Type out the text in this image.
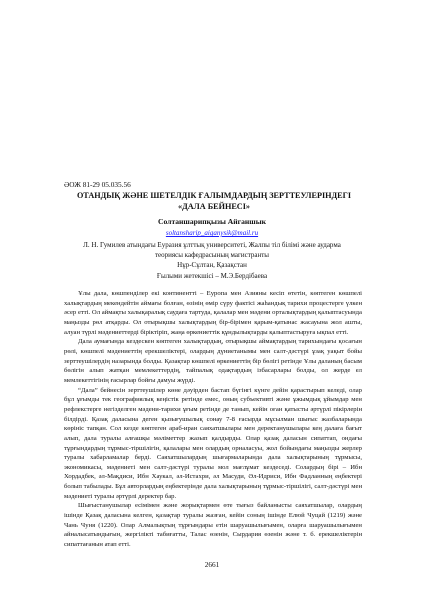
ӘОЖ 81-29 05.035.56
ОТАНДЫҚ ЖӘНЕ ШЕТЕЛДІК ҒАЛЫМДАРДЫҢ ЗЕРТТЕУЛЕРІНДЕГІ «ДАЛА БЕЙНЕСІ»
Солтаншарипқызы Айганшык
soltansharip_aiganysik@mail.ru
Л. Н. Гумилев атындағы Еуразия ұлттық университеті, Жалпы тіл білімі және аударма теориясы кафедрасының магистранты
Нұр-Сұлтан, Қазақстан
Ғылыми жетекшісі – М.Э.Бердібаева

Ұлы дала, көшпенділер екі континентті – Еуропа мен Азияны кесіп өтетін, көптеген көшпелі халықтардың мекендейтін аймағы болған, өзінің өмір сүру фактісі жаһандық тарихи процестерге үлкен әсер етті. Ол аймақты халықаралық саудаға тартуда, қалалар мен мәдени орталықтардың қалыптасуында маңызды рөл атқарды. Ол отырықшы халықтардың бір-бірімен қарым-қатынас жасауына жол ашты, алуан түрлі мәдениеттерді біріктіріп, жаңа өркениеттік құндылықтарды қалыптастыруға ықпал етті.

Дала аумағында кездескен көптеген халықтардың, отырықшы аймақтардың тарихындағы қосағын рөлі, көшпелі мәдениеттің ерекшеліктері, олардың дүниетанымы мен салт-дәстүрі ұзақ уақыт бойы зерттеушілердің назарында болды. Қазақтар көшпелі өркениеттің бір бөлігі ретінде Ұлы даланың басым бөлігін алып жатқан мемлекеттердің, тайпалық одақтардың ізбасарлары болды, ол жерде ел мемлекеттігінің ғасырлар бойғы дамуы жүрді.

“Дала” бейнесін зерттеушілер көне дәуірден бастап бүгінгі күнге дейін қарастырып келеді, олар бұл ұғымды тек географиялық кеңістік ретінде емес, оның субъективті және ұжымдық ұйымдар мен рефлекстерге негізделген мәдени-тарихи ұғым ретінде де танып, кейін оған қатысты әртүрлі пікірлерін білдірді. Қазақ даласына деген қызығушылық сонау 7-8 ғасырда мұсылман шығыс жазбаларында көрініс тапқан. Сол кезде көптеген араб-иран саяхатшылары мен деректанушылары кең далаға бағыт алып, дала туралы алғашқы мәліметтер жазып қалдырды. Олар қазақ даласын сипаттап, ондағы тұрғындардың тұрмыс-тіршілігін, қалалары мен олардың орналасуы, жол бойындағы маңызды жерлер туралы хабарламалар берді. Саяхатшылардың шығармаларында дала халықтарының тұрмысы, экономикасы, мәдениеті мен салт-дәстүрі туралы мол мағлұмат кездеседі. Солардың бірі – Ибн Хордадбек, әл-Мақдиси, Ибн Хаукал, әл-Истахри, әл Масуди, Әл-Идриси, Ибн Фадланның еңбектері болып табылады. Бұл авторлардың еңбектерінде дала халықтарының тұрмыс-тіршілігі, салт-дәстүрі мен мәдениеті туралы әртүрлі деректер бар.

Шығыстанушылар есімімен және жорықтармен өте тығыз байланысты саяхатшылар, олардың ішінде Қазақ даласына келген, қазақтар туралы жазған, кейін соның ішінде Елюй Чуцай (1219) және Чань Чуня (1220). Олар Алмалықтың тұрғындары етін шаруашылығымен, оларға шаруашылығымен айналысатындығын, жергілікті табиғатты, Талас өзенін, Сырдария өзенін және т. б. ерекшеліктерін сипаттағанын атап етті.

2661
